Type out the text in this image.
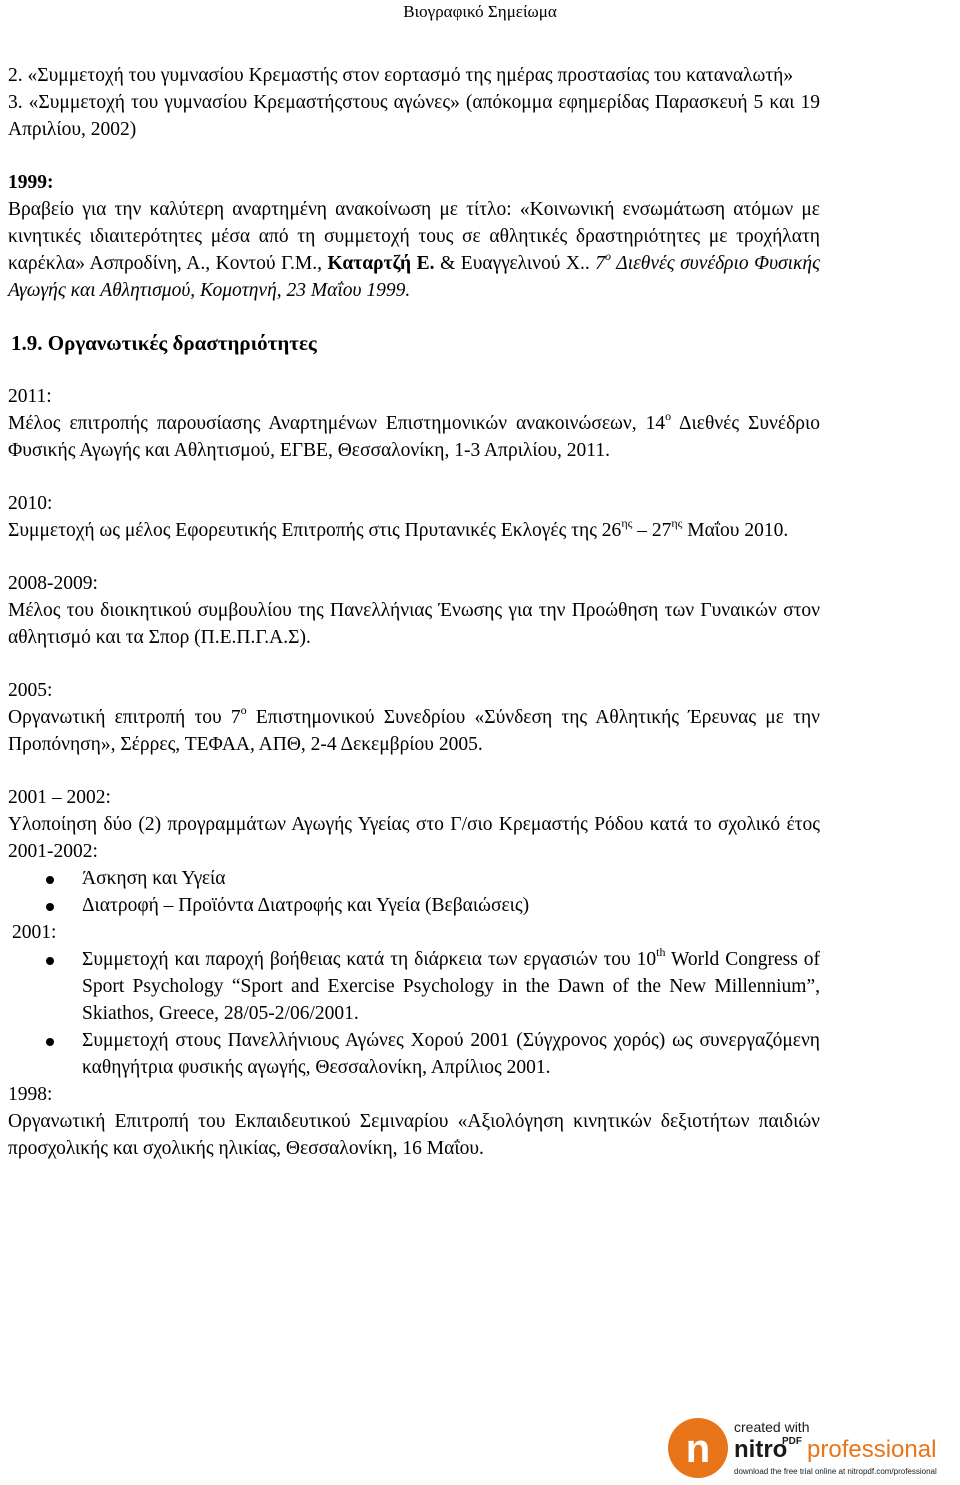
Βιογραφικό Σημείωμα
2. «Συμμετοχή του γυμνασίου Κρεμαστής στον εορτασμό της ημέρας προστασίας του καταναλωτή»
3. «Συμμετοχή του γυμνασίου Κρεμαστήςστους αγώνες» (απόκομμα εφημερίδας Παρασκευή 5 και 19 Απριλίου, 2002)
1999:
Βραβείο για την καλύτερη αναρτημένη ανακοίνωση με τίτλο: «Κοινωνική ενσωμάτωση ατόμων με κινητικές ιδιαιτερότητες μέσα από τη συμμετοχή τους σε αθλητικές δραστηριότητες με τροχήλατη καρέκλα» Ασπροδίνη, Α., Κοντού Γ.Μ., Καταρτζή Ε. & Ευαγγελινού Χ.. $7^o$ Διεθνές συνέδριο Φυσικής Αγωγής και Αθλητισμού, Κομοτηνή, 23 Μαΐου 1999.
1.9. Οργανωτικές δραστηριότητες
2011:
Μέλος επιτροπής παρουσίασης Αναρτημένων Επιστημονικών ανακοινώσεων, $14^o$ Διεθνές Συνέδριο Φυσικής Αγωγής και Αθλητισμού, ΕΓΒΕ, Θεσσαλονίκη, 1-3 Απριλίου, 2011.
2010:
Συμμετοχή ως μέλος Εφορευτικής Επιτροπής στις Πρυτανικές Εκλογές της $26^{\eta\varsigma} - 27^{\eta\varsigma}$ Μαΐου 2010.
2008-2009:
Μέλος του διοικητικού συμβουλίου της Πανελλήνιας Ένωσης για την Προώθηση των Γυναικών στον αθλητισμό και τα Σπορ (Π.Ε.Π.Γ.Α.Σ).
2005:
Οργανωτική επιτροπή του $7^o$ Επιστημονικού Συνεδρίου «Σύνδεση της Αθλητικής Έρευνας με την Προπόνηση», Σέρρες, ΤΕΦΑΑ, ΑΠΘ, 2-4 Δεκεμβρίου 2005.
2001 – 2002:
Υλοποίηση δύο (2) προγραμμάτων Αγωγής Υγείας στο Γ/σιο Κρεμαστής Ρόδου κατά το σχολικό έτος 2001-2002:
Άσκηση και Υγεία
Διατροφή – Προϊόντα Διατροφής και Υγεία (Βεβαιώσεις)
2001:
Συμμετοχή και παροχή βοήθειας κατά τη διάρκεια των εργασιών του 10th World Congress of Sport Psychology “Sport and Exercise Psychology in the Dawn of the New Millennium”, Skiathos, Greece, 28/05-2/06/2001.
Συμμετοχή στους Πανελλήνιους Αγώνες Χορού 2001 (Σύγχρονος χορός) ως συνεργαζόμενη καθηγήτρια φυσικής αγωγής, Θεσσαλονίκη, Απρίλιος 2001.
1998:
Οργανωτική Επιτροπή του Εκπαιδευτικού Σεμιναρίου «Αξιολόγηση κινητικών δεξιοτήτων παιδιών προσχολικής και σχολικής ηλικίας, Θεσσαλονίκη, 16 Μαΐου.
n created with
nitro
PDF professional
download the free trial online at nitropdf.com/professional
